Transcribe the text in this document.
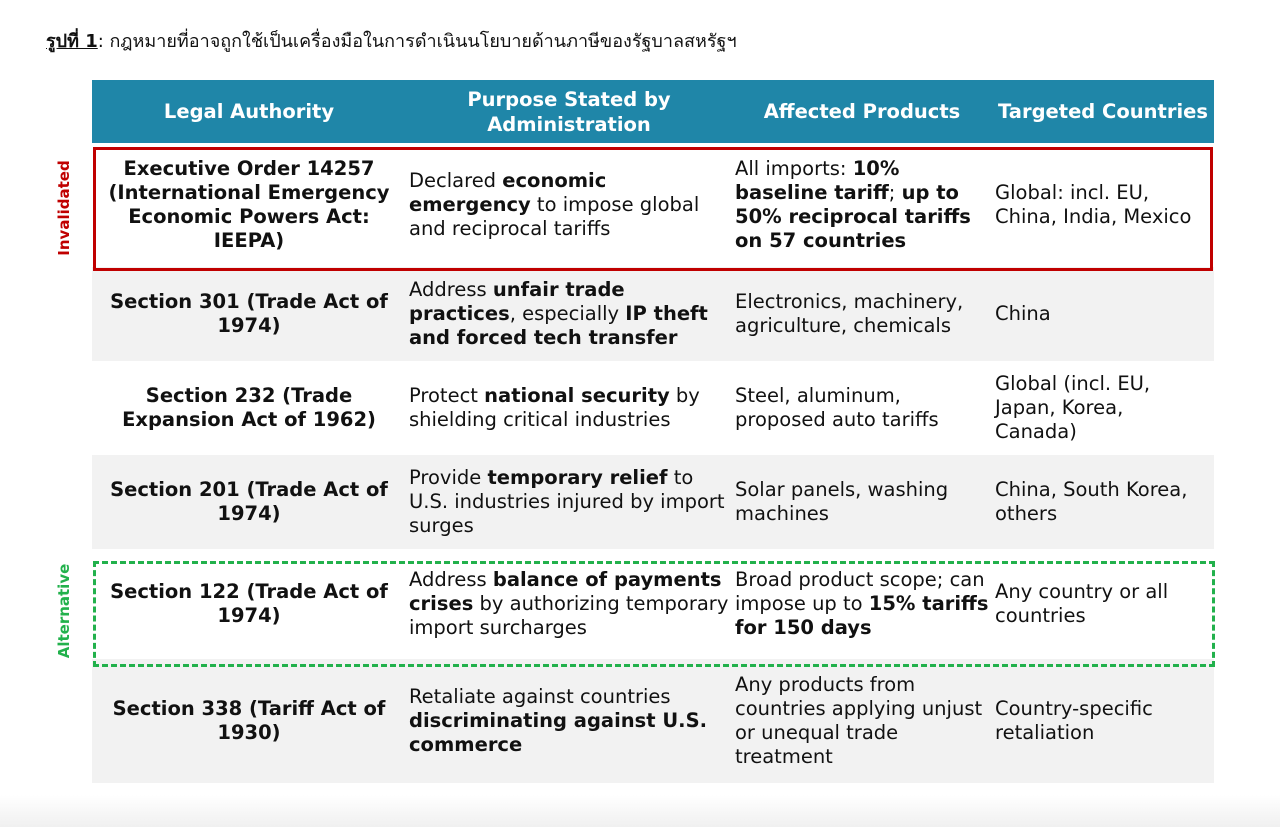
รูปที่ 1: กฎหมายที่อาจถูกใช้เป็นเครื่องมือในการดำเนินนโยบายด้านภาษีของรัฐบาลสหรัฐฯ
Invalidated
Alternative
Legal Authority	Purpose Stated by Administration	Affected Products	Targeted Countries
Executive Order 14257 (International Emergency Economic Powers Act: IEEPA)	Declared economic emergency to impose global and reciprocal tariffs	All imports: 10% baseline tariff; up to 50% reciprocal tariffs on 57 countries	Global: incl. EU, China, India, Mexico
Section 301 (Trade Act of 1974)	Address unfair trade practices, especially IP theft and forced tech transfer	Electronics, machinery, agriculture, chemicals	China
Section 232 (Trade Expansion Act of 1962)	Protect national security by shielding critical industries	Steel, aluminum, proposed auto tariffs	Global (incl. EU, Japan, Korea, Canada)
Section 201 (Trade Act of 1974)	Provide temporary relief to U.S. industries injured by import surges	Solar panels, washing machines	China, South Korea, others
Section 122 (Trade Act of 1974)	Address balance of payments crises by authorizing temporary import surcharges	Broad product scope; can impose up to 15% tariffs for 150 days	Any country or all countries
Section 338 (Tariff Act of 1930)	Retaliate against countries discriminating against U.S. commerce	Any products from countries applying unjust or unequal trade treatment	Country-specific retaliation
